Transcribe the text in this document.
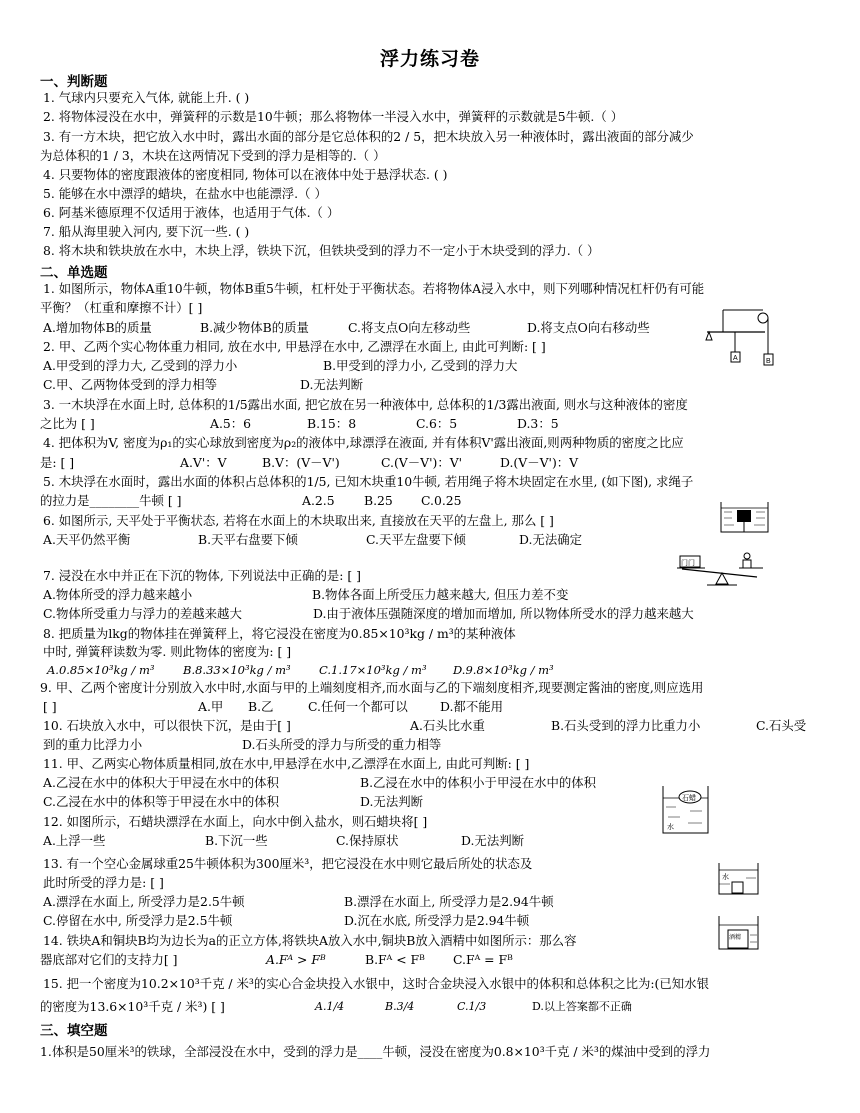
浮力练习卷
一、判断题
1. 气球内只要充入气体, 就能上升. ( )
2. 将物体浸没在水中，弹簧秤的示数是10牛顿；那么将物体一半浸入水中，弹簧秤的示数就是5牛顿.（ ）
3. 有一方木块，把它放入水中时，露出水面的部分是它总体积的2 / 5，把木块放入另一种液体时，露出液面的部分减少
为总体积的1 / 3，木块在这两情况下受到的浮力是相等的.（ ）
4. 只要物体的密度跟液体的密度相同, 物体可以在液体中处于悬浮状态. ( )
5. 能够在水中漂浮的蜡块，在盐水中也能漂浮.（ ）
6. 阿基米德原理不仅适用于液体，也适用于气体.（ ）
7. 船从海里驶入河内, 要下沉一些. ( )
8. 将木块和铁块放在水中，木块上浮，铁块下沉，但铁块受到的浮力不一定小于木块受到的浮力.（ ）
二、单选题
1. 如图所示，物体A重10牛顿，物体B重5牛顿，杠杆处于平衡状态。若将物体A浸入水中，则下列哪种情况杠杆仍有可能
平衡？（杠重和摩擦不计）[ ]
A.增加物体B的质量	B.减少物体B的质量	C.将支点O向左移动些	D.将支点O向右移动些
2. 甲、乙两个实心物体重力相同, 放在水中, 甲悬浮在水中, 乙漂浮在水面上, 由此可判断: [ ]
A.甲受到的浮力大, 乙受到的浮力小	B.甲受到的浮力小, 乙受到的浮力大
C.甲、乙两物体受到的浮力相等	D.无法判断
3. 一木块浮在水面上时, 总体积的1/5露出水面, 把它放在另一种液体中, 总体积的1/3露出液面, 则水与这种液体的密度
之比为 [ ]	A.5：6	B.15：8	C.6：5	D.3：5
4. 把体积为V, 密度为ρ₁的实心球放到密度为ρ₂的液体中,球漂浮在液面, 并有体积V'露出液面,则两种物质的密度之比应
是: [ ]	A.V'：V	B.V：(V－V')	C.(V－V')：V'	D.(V－V')：V
5. 木块浮在水面时，露出水面的体积占总体积的1/5, 已知木块重10牛顿, 若用绳子将木块固定在水里, (如下图), 求绳子
的拉力是________牛顿 [ ]	A.2.5 B.25 C.0.25
6. 如图所示, 天平处于平衡状态, 若将在水面上的木块取出来, 直接放在天平的左盘上, 那么 [ ]
A.天平仍然平衡	B.天平右盘要下倾	C.天平左盘要下倾	D.无法确定
7. 浸没在水中并正在下沉的物体, 下列说法中正确的是: [ ]
A.物体所受的浮力越来越小	B.物体各面上所受压力越来越大, 但压力差不变
C.物体所受重力与浮力的差越来越大	D.由于液体压强随深度的增加而增加, 所以物体所受水的浮力越来越大
8. 把质量为lkg的物体挂在弹簧秤上，将它浸没在密度为0.85×10³kg / m³的某种液体
中时, 弹簧秤读数为零. 则此物体的密度为: [ ]
A.0.85×10³kg / m³ B.8.33×10³kg / m³ C.1.17×10³kg / m³ D.9.8×10³kg / m³
9. 甲、乙两个密度计分别放入水中时,水面与甲的上端刻度相齐,而水面与乙的下端刻度相齐,现要测定酱油的密度,则应选用
[ ]	A.甲 B.乙	C.任何一个都可以	D.都不能用
10. 石块放入水中，可以很快下沉，是由于[ ]	A.石头比水重	B.石头受到的浮力比重力小	C.石头受
到的重力比浮力小	D.石头所受的浮力与所受的重力相等
11. 甲、乙两实心物体质量相同,放在水中,甲悬浮在水中,乙漂浮在水面上, 由此可判断: [ ]
A.乙浸在水中的体积大于甲浸在水中的体积	B.乙浸在水中的体积小于甲浸在水中的体积
C.乙浸在水中的体积等于甲浸在水中的体积	D.无法判断
12. 如图所示，石蜡块漂浮在水面上，向水中倒入盐水，则石蜡块将[ ]
A.上浮一些	B.下沉一些	C.保持原状	D.无法判断
13. 有一个空心金属球重25牛顿体积为300厘米³，把它浸没在水中则它最后所处的状态及
此时所受的浮力是: [ ]
A.漂浮在水面上, 所受浮力是2.5牛顿	B.漂浮在水面上, 所受浮力是2.94牛顿
C.停留在水中, 所受浮力是2.5牛顿	D.沉在水底, 所受浮力是2.94牛顿
14. 铁块A和铜块B均为边长为a的正立方体,将铁块A放入水中,铜块B放入酒精中如图所示：那么容
器底部对它们的支持力[ ]	A.Fᴬ > Fᴮ	B.Fᴬ < Fᴮ C.Fᴬ = Fᴮ
15. 把一个密度为10.2×10³千克 / 米³的实心合金块投入水银中，这时合金块浸入水银中的体积和总体积之比为:(已知水银
的密度为13.6×10³千克 / 米³) [ ]	A.1/4	B.3/4	C.1/3	D.以上答案都不正确
三、填空题
1.体积是50厘米³的铁球，全部浸没在水中，受到的浮力是____牛顿，浸没在密度为0.8×10³千克 / 米³的煤油中受到的浮力
A	B
门门
石蜡
水
水
酒精
